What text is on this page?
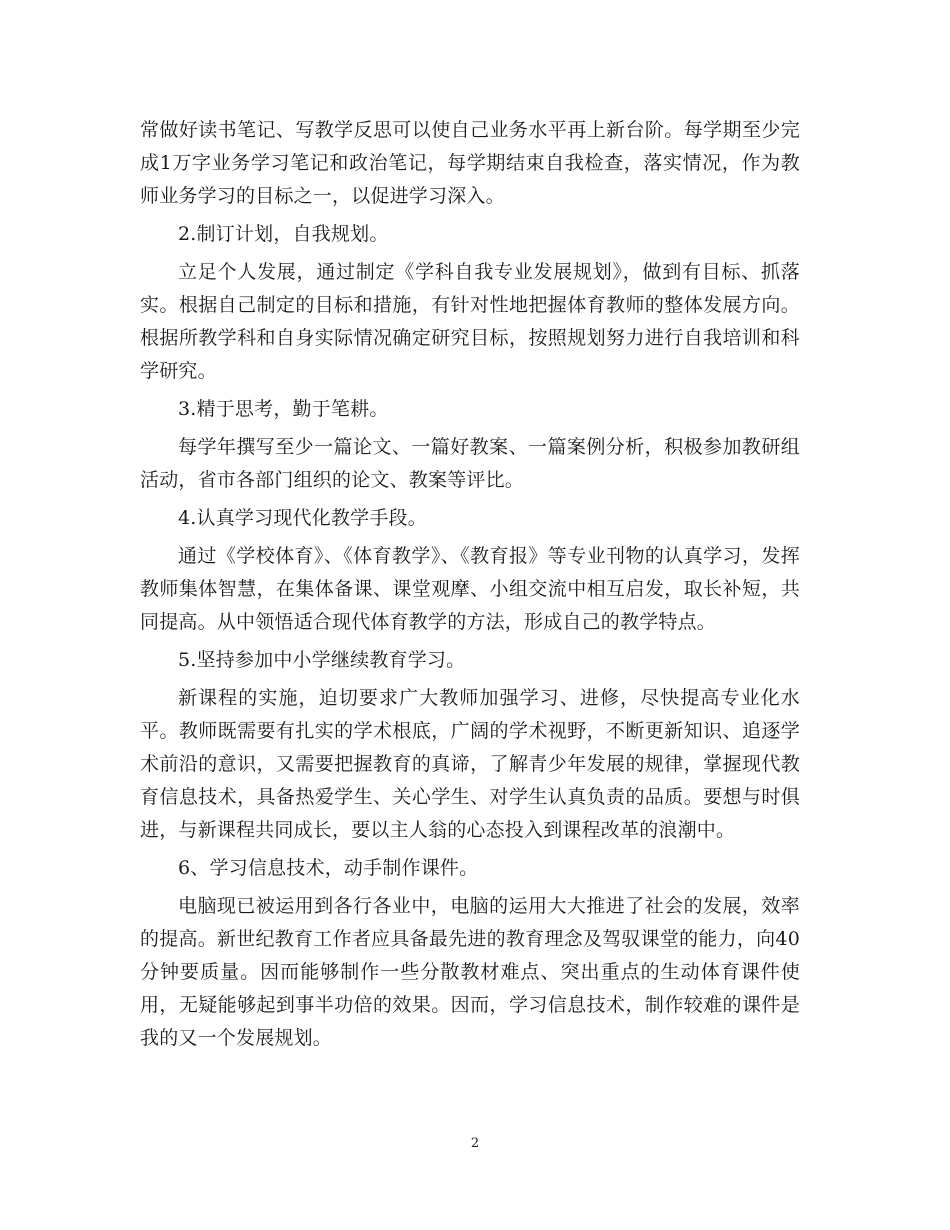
常做好读书笔记、写教学反思可以使自己业务水平再上新台阶。每学期至少完成1万字业务学习笔记和政治笔记，每学期结束自我检查，落实情况，作为教师业务学习的目标之一，以促进学习深入。

2.制订计划，自我规划。

立足个人发展，通过制定《学科自我专业发展规划》，做到有目标、抓落实。根据自己制定的目标和措施，有针对性地把握体育教师的整体发展方向。根据所教学科和自身实际情况确定研究目标，按照规划努力进行自我培训和科学研究。

3.精于思考，勤于笔耕。

每学年撰写至少一篇论文、一篇好教案、一篇案例分析，积极参加教研组活动，省市各部门组织的论文、教案等评比。

4.认真学习现代化教学手段。

通过《学校体育》、《体育教学》、《教育报》等专业刊物的认真学习，发挥教师集体智慧，在集体备课、课堂观摩、小组交流中相互启发，取长补短，共同提高。从中领悟适合现代体育教学的方法，形成自己的教学特点。

5.坚持参加中小学继续教育学习。

新课程的实施，迫切要求广大教师加强学习、进修，尽快提高专业化水平。教师既需要有扎实的学术根底，广阔的学术视野，不断更新知识、追逐学术前沿的意识，又需要把握教育的真谛，了解青少年发展的规律，掌握现代教育信息技术，具备热爱学生、关心学生、对学生认真负责的品质。要想与时俱进，与新课程共同成长，要以主人翁的心态投入到课程改革的浪潮中。

6、学习信息技术，动手制作课件。

电脑现已被运用到各行各业中，电脑的运用大大推进了社会的发展，效率的提高。新世纪教育工作者应具备最先进的教育理念及驾驭课堂的能力，向40分钟要质量。因而能够制作一些分散教材难点、突出重点的生动体育课件使用，无疑能够起到事半功倍的效果。因而，学习信息技术，制作较难的课件是我的又一个发展规划。

2
